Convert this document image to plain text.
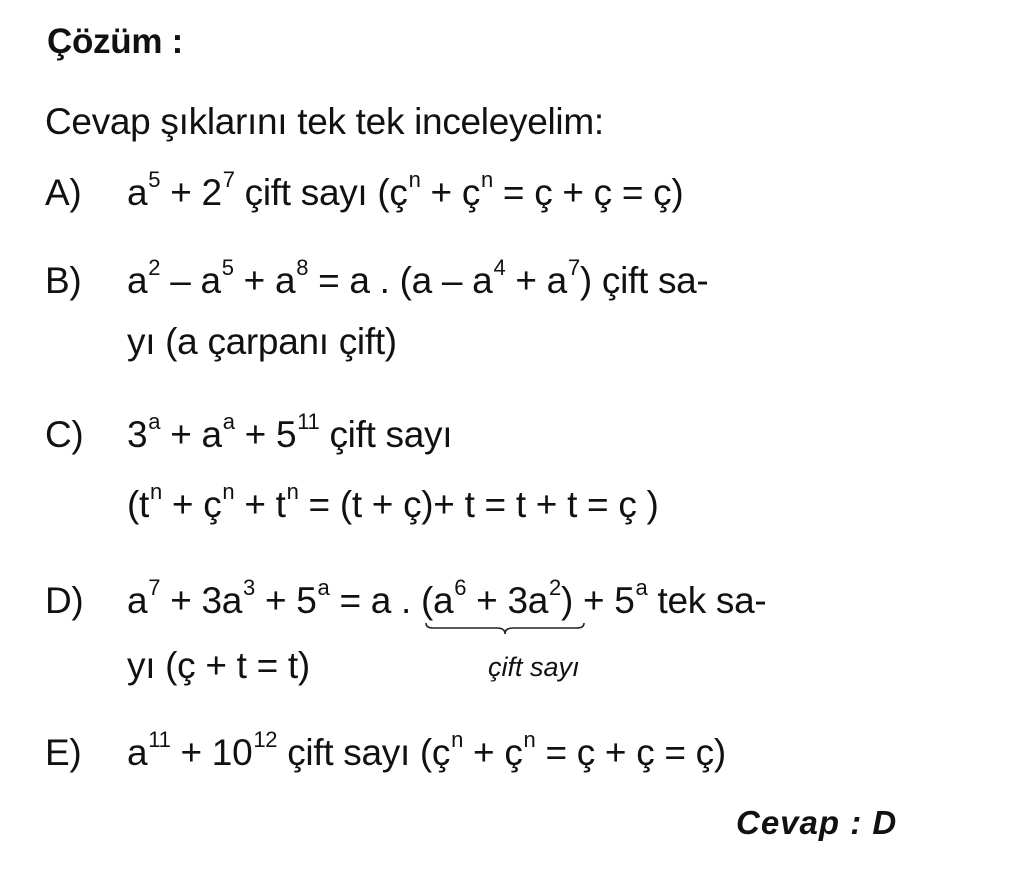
Çözüm :
Cevap şıklarını tek tek inceleyelim:
A) $a^5 + 2^7$ çift sayı ($ç^n$ + $ç^n$ = ç + ç = ç)
B) $a^2 - a^5 + a^8 = a$ . $(a - a^4 + a^7)$ çift sa-
yı (a çarpanı çift)
C) $3^a + a^a + 5^{11}$ çift sayı
($t^n$ + $ç^n + t^n = (t$ + ç)+ t = t + t = ç )
D) $a^7 + 3a^3 + 5^a = a$ . $(a^6 + 3a^2)$
+ $5^a$ tek sa-
yı (ç + t = t)	çift sayı
E) $a^{11} + 10^{12}$ çift sayı ($ç^n$ + $ç^n$ = ç + ç = ç)
Cevap : D
